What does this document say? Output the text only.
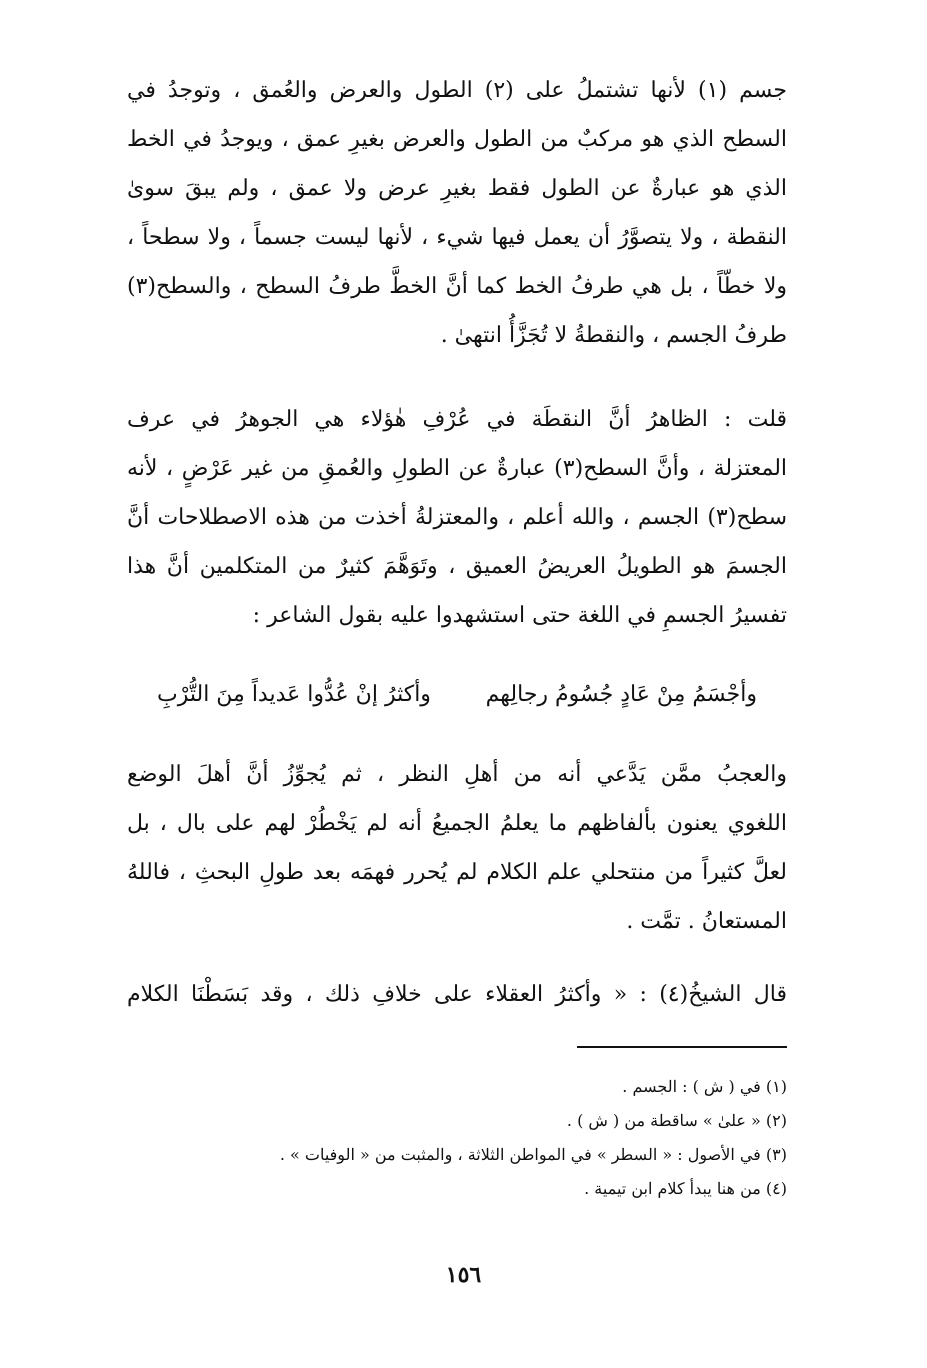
جسم (١) لأنها تشتملُ على (٢) الطول والعرض والعُمق ، وتوجدُ في
السطح الذي هو مركبٌ من الطول والعرض بغيرِ عمق ، ويوجدُ في الخط
الذي هو عبارةٌ عن الطول فقط بغيرِ عرض ولا عمق ، ولم يبقَ سوىٰ
النقطة ، ولا يتصوَّرُ أن يعمل فيها شيء ، لأنها ليست جسماً ، ولا سطحاً ،
ولا خطّاً ، بل هي طرفُ الخط كما أنَّ الخطَّ طرفُ السطح ، والسطح(٣)
طرفُ الجسم ، والنقطةُ لا تُجَزَّأُ انتهىٰ .
قلت : الظاهرُ أنَّ النقطَة في عُرْفِ هٰؤلاء هي الجوهرُ في عرف
المعتزلة ، وأنَّ السطح(٣) عبارةٌ عن الطولِ والعُمقِ من غير عَرْضٍ ، لأنه
سطح(٣) الجسم ، والله أعلم ، والمعتزلةُ أخذت من هذه الاصطلاحات أنَّ
الجسمَ هو الطويلُ العريضُ العميق ، وتَوَهَّمَ كثيرٌ من المتكلمين أنَّ هذا
تفسيرُ الجسمِ في اللغة حتى استشهدوا عليه بقول الشاعر :
وأجْسَمُ مِنْ عَادٍ جُسُومُ رجالِهم
وأكثرُ إنْ عُدُّوا عَديداً مِنَ التُّرْبِ
والعجبُ ممَّن يَدَّعي أنه من أهلِ النظر ، ثم يُجوِّزُ أنَّ أهلَ الوضع
اللغوي يعنون بألفاظهم ما يعلمُ الجميعُ أنه لم يَخْطُرْ لهم على بال ، بل
لعلَّ كثيراً من منتحلي علم الكلام لم يُحرر فهمَه بعد طولِ البحثِ ، فاللهُ
المستعانُ . تمَّت .
قال الشيخُ(٤) : « وأكثرُ العقلاء على خلافِ ذلك ، وقد بَسَطْنَا الكلام
(١) في ( ش ) : الجسم .
(٢) « علىٰ » ساقطة من ( ش ) .
(٣) في الأصول : « السطر » في المواطن الثلاثة ، والمثبت من « الوفيات » .
(٤) من هنا يبدأ كلام ابن تيمية .
١٥٦
